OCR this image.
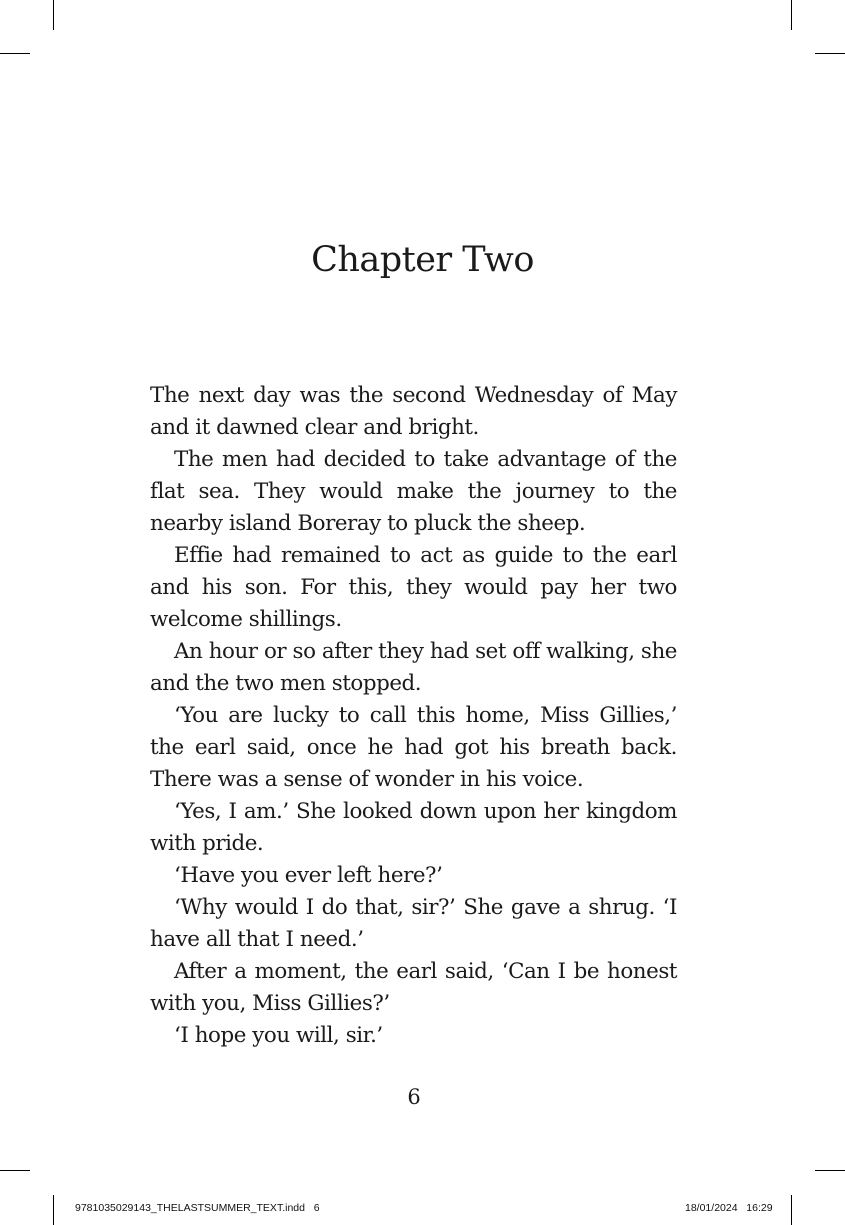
Chapter Two

The next day was the second Wednesday of May and it dawned clear and bright.

The men had decided to take advantage of the flat sea. They would make the journey to the nearby island Boreray to pluck the sheep.

Effie had remained to act as guide to the earl and his son. For this, they would pay her two welcome shillings.

An hour or so after they had set off walking, she and the two men stopped.

‘You are lucky to call this home, Miss Gillies,’ the earl said, once he had got his breath back. There was a sense of wonder in his voice.

‘Yes, I am.’ She looked down upon her kingdom with pride.

‘Have you ever left here?’

‘Why would I do that, sir?’ She gave a shrug. ‘I have all that I need.’

After a moment, the earl said, ‘Can I be honest with you, Miss Gillies?’

‘I hope you will, sir.’

6
9781035029143_THELASTSUMMER_TEXT.indd   6	18/01/2024   16:29
